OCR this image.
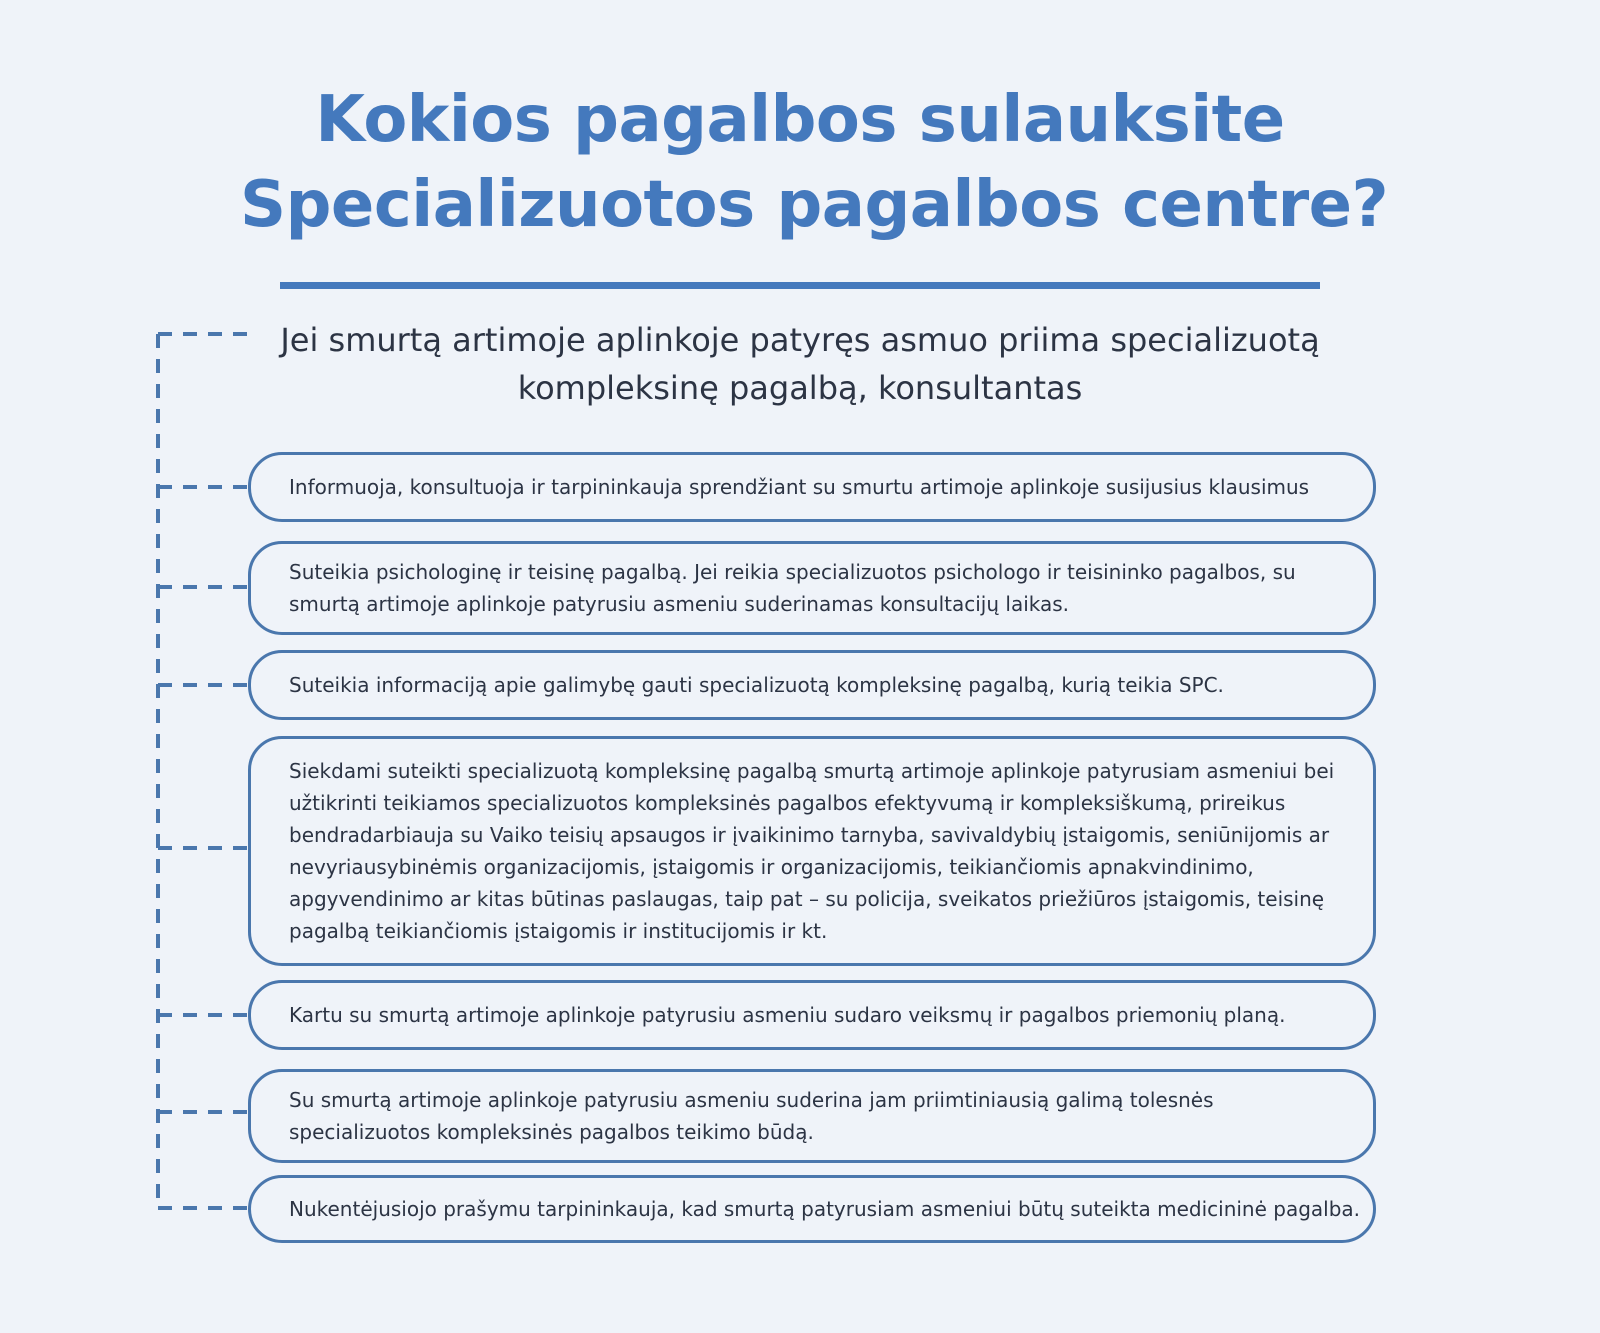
Kokios pagalbos sulauksite
Specializuotos pagalbos centre?
Jei smurtą artimoje aplinkoje patyręs asmuo priima specializuotą
kompleksinę pagalbą, konsultantas

Informuoja, konsultuoja ir tarpininkauja sprendžiant su smurtu artimoje aplinkoje susijusius klausimus

Suteikia psichologinę ir teisinę pagalbą. Jei reikia specializuotos psichologo ir teisininko pagalbos, su
smurtą artimoje aplinkoje patyrusiu asmeniu suderinamas konsultacijų laikas.

Suteikia informaciją apie galimybę gauti specializuotą kompleksinę pagalbą, kurią teikia SPC.

Siekdami suteikti specializuotą kompleksinę pagalbą smurtą artimoje aplinkoje patyrusiam asmeniui bei
užtikrinti teikiamos specializuotos kompleksinės pagalbos efektyvumą ir kompleksiškumą, prireikus
bendradarbiauja su Vaiko teisių apsaugos ir įvaikinimo tarnyba, savivaldybių įstaigomis, seniūnijomis ar
nevyriausybinėmis organizacijomis, įstaigomis ir organizacijomis, teikiančiomis apnakvindinimo,
apgyvendinimo ar kitas būtinas paslaugas, taip pat – su policija, sveikatos priežiūros įstaigomis, teisinę
pagalbą teikiančiomis įstaigomis ir institucijomis ir kt.

Kartu su smurtą artimoje aplinkoje patyrusiu asmeniu sudaro veiksmų ir pagalbos priemonių planą.

Su smurtą artimoje aplinkoje patyrusiu asmeniu suderina jam priimtiniausią galimą tolesnės
specializuotos kompleksinės pagalbos teikimo būdą.

Nukentėjusiojo prašymu tarpininkauja, kad smurtą patyrusiam asmeniui būtų suteikta medicininė pagalba.
